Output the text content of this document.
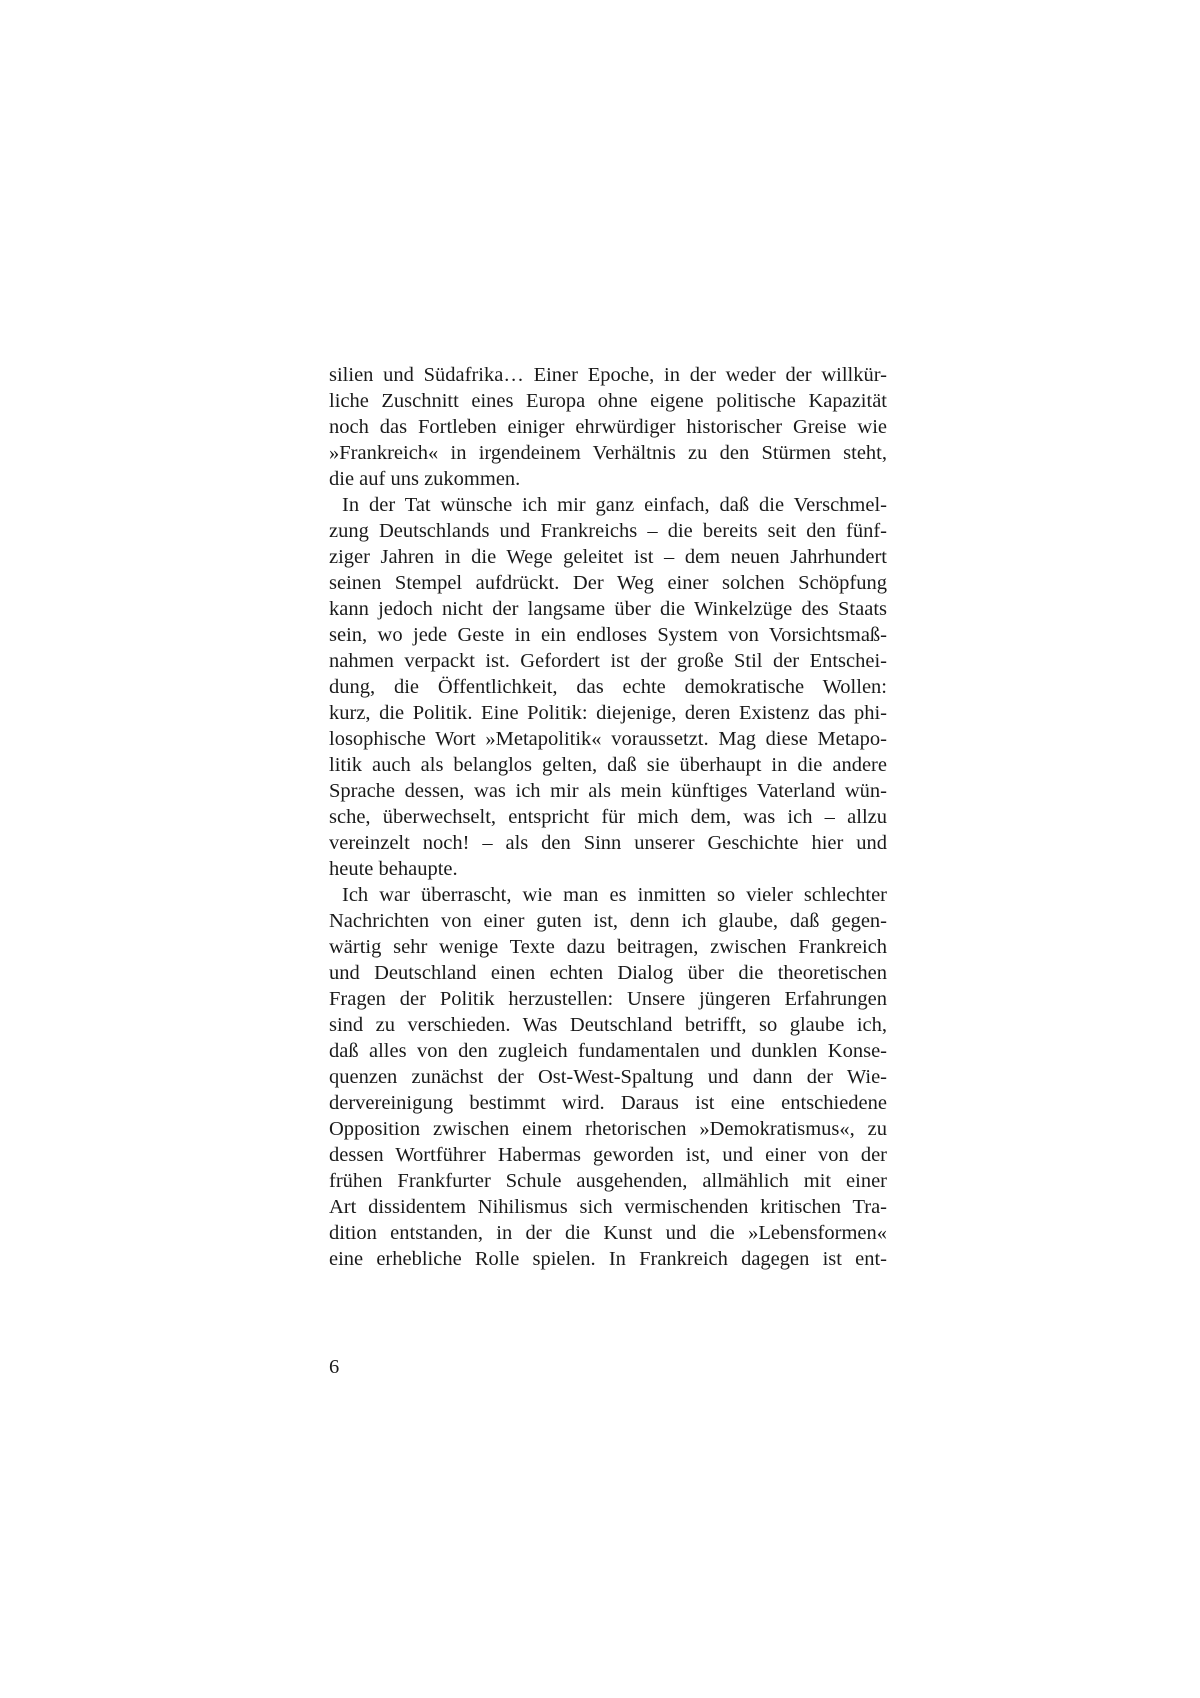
silien und Südafrika… Einer Epoche, in der weder der willkür-
liche Zuschnitt eines Europa ohne eigene politische Kapazität
noch das Fortleben einiger ehrwürdiger historischer Greise wie
»Frankreich« in irgendeinem Verhältnis zu den Stürmen steht,
die auf uns zukommen.
In der Tat wünsche ich mir ganz einfach, daß die Verschmel-
zung Deutschlands und Frankreichs – die bereits seit den fünf-
ziger Jahren in die Wege geleitet ist – dem neuen Jahrhundert
seinen Stempel aufdrückt. Der Weg einer solchen Schöpfung
kann jedoch nicht der langsame über die Winkelzüge des Staats
sein, wo jede Geste in ein endloses System von Vorsichtsmaß-
nahmen verpackt ist. Gefordert ist der große Stil der Entschei-
dung, die Öffentlichkeit, das echte demokratische Wollen:
kurz, die Politik. Eine Politik: diejenige, deren Existenz das phi-
losophische Wort »Metapolitik« voraussetzt. Mag diese Metapo-
litik auch als belanglos gelten, daß sie überhaupt in die andere
Sprache dessen, was ich mir als mein künftiges Vaterland wün-
sche, überwechselt, entspricht für mich dem, was ich – allzu
vereinzelt noch! – als den Sinn unserer Geschichte hier und
heute behaupte.
Ich war überrascht, wie man es inmitten so vieler schlechter
Nachrichten von einer guten ist, denn ich glaube, daß gegen-
wärtig sehr wenige Texte dazu beitragen, zwischen Frankreich
und Deutschland einen echten Dialog über die theoretischen
Fragen der Politik herzustellen: Unsere jüngeren Erfahrungen
sind zu verschieden. Was Deutschland betrifft, so glaube ich,
daß alles von den zugleich fundamentalen und dunklen Konse-
quenzen zunächst der Ost-West-Spaltung und dann der Wie-
dervereinigung bestimmt wird. Daraus ist eine entschiedene
Opposition zwischen einem rhetorischen »Demokratismus«, zu
dessen Wortführer Habermas geworden ist, und einer von der
frühen Frankfurter Schule ausgehenden, allmählich mit einer
Art dissidentem Nihilismus sich vermischenden kritischen Tra-
dition entstanden, in der die Kunst und die »Lebensformen«
eine erhebliche Rolle spielen. In Frankreich dagegen ist ent-
6
